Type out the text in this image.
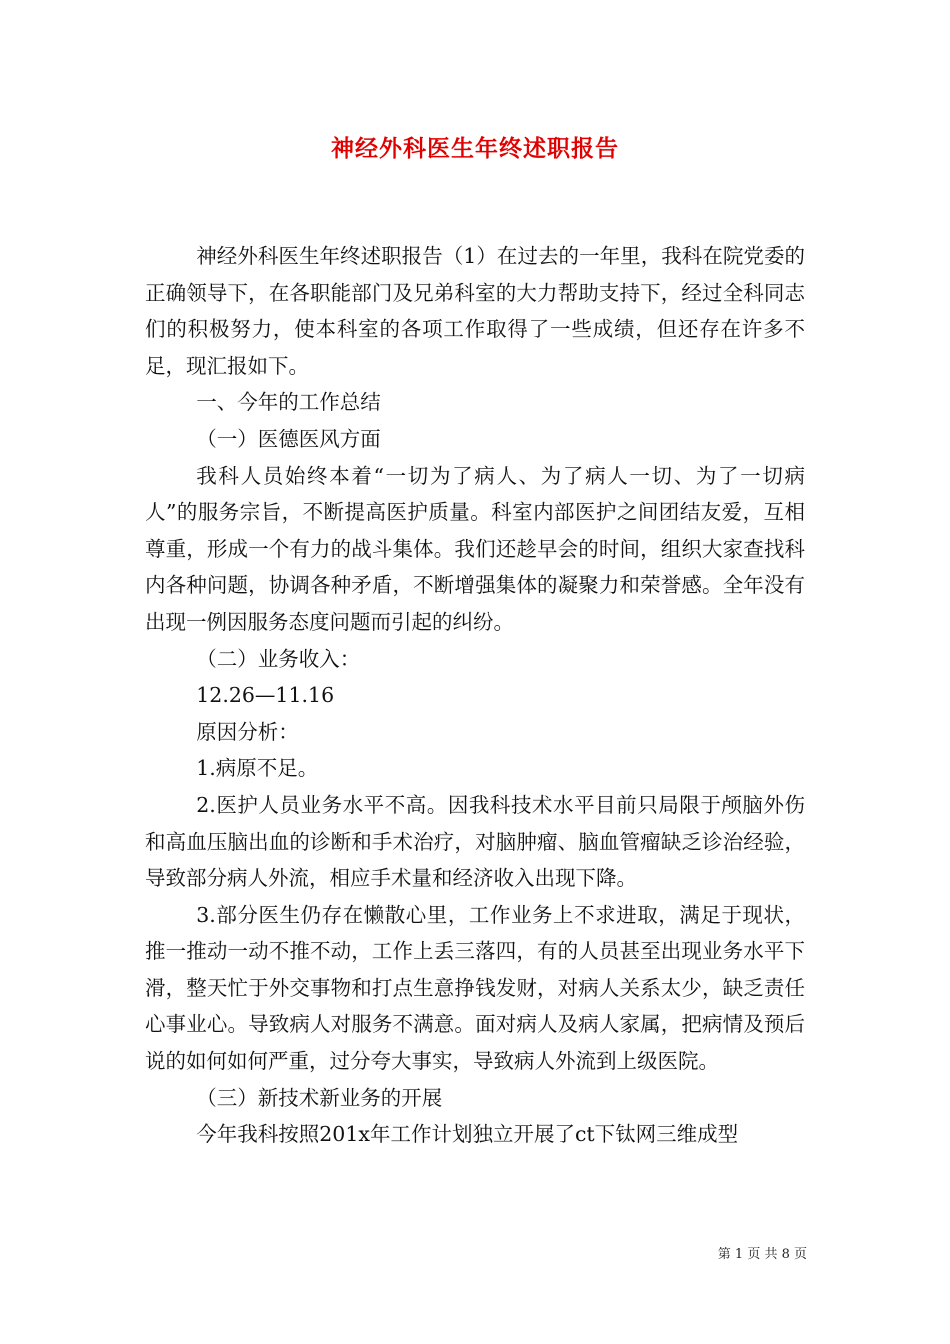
神经外科医生年终述职报告

神经外科医生年终述职报告（1）在过去的一年里，我科在院党委的正确领导下，在各职能部门及兄弟科室的大力帮助支持下，经过全科同志们的积极努力，使本科室的各项工作取得了一些成绩，但还存在许多不足，现汇报如下。

一、今年的工作总结

（一）医德医风方面

我科人员始终本着“一切为了病人、为了病人一切、为了一切病人”的服务宗旨，不断提高医护质量。科室内部医护之间团结友爱，互相尊重，形成一个有力的战斗集体。我们还趁早会的时间，组织大家查找科内各种问题，协调各种矛盾，不断增强集体的凝聚力和荣誉感。全年没有出现一例因服务态度问题而引起的纠纷。

（二）业务收入：

12.26—11.16

原因分析：

1.病原不足。

2.医护人员业务水平不高。因我科技术水平目前只局限于颅脑外伤和高血压脑出血的诊断和手术治疗，对脑肿瘤、脑血管瘤缺乏诊治经验，导致部分病人外流，相应手术量和经济收入出现下降。

3.部分医生仍存在懒散心里，工作业务上不求进取，满足于现状，推一推动一动不推不动，工作上丢三落四，有的人员甚至出现业务水平下滑，整天忙于外交事物和打点生意挣钱发财，对病人关系太少，缺乏责任心事业心。导致病人对服务不满意。面对病人及病人家属，把病情及预后说的如何如何严重，过分夸大事实，导致病人外流到上级医院。

（三）新技术新业务的开展

今年我科按照201x年工作计划独立开展了ct下钛网三维成型

第 1 页 共 8 页
